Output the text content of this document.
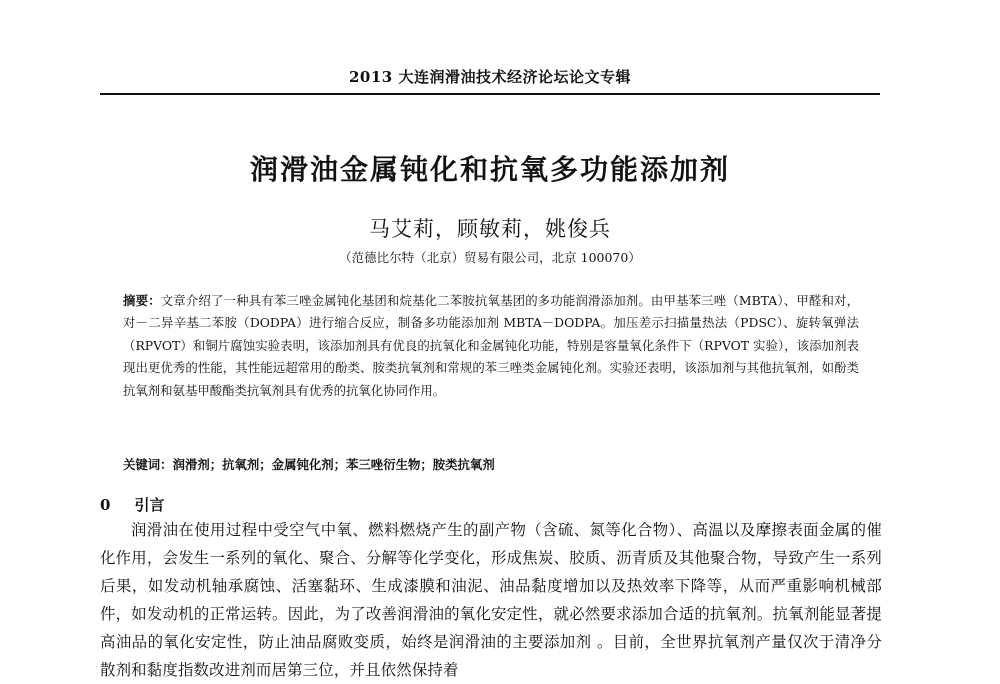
2013 大连润滑油技术经济论坛论文专辑
润滑油金属钝化和抗氧多功能添加剂
马艾莉，顾敏莉，姚俊兵
（范德比尔特（北京）贸易有限公司，北京 100070）

摘要：文章介绍了一种具有苯三唑金属钝化基团和烷基化二苯胺抗氧基团的多功能润滑添加剂。由甲基苯三唑（MBTA）、甲醛和对，对－二异辛基二苯胺（DODPA）进行缩合反应，制备多功能添加剂 MBTA－DODPA。加压差示扫描量热法（PDSC）、旋转氧弹法（RPVOT）和铜片腐蚀实验表明，该添加剂具有优良的抗氧化和金属钝化功能，特别是容量氧化条件下（RPVOT 实验），该添加剂表现出更优秀的性能，其性能远超常用的酚类、胺类抗氧剂和常规的苯三唑类金属钝化剂。实验还表明，该添加剂与其他抗氧剂，如酚类抗氧剂和氨基甲酸酯类抗氧剂具有优秀的抗氧化协同作用。

关键词：润滑剂；抗氧剂；金属钝化剂；苯三唑衍生物；胺类抗氧剂

0 引言

润滑油在使用过程中受空气中氧、燃料燃烧产生的副产物（含硫、氮等化合物）、高温以及摩擦表面金属的催化作用，会发生一系列的氧化、聚合、分解等化学变化，形成焦炭、胶质、沥青质及其他聚合物，导致产生一系列后果，如发动机轴承腐蚀、活塞黏环、生成漆膜和油泥、油品黏度增加以及热效率下降等，从而严重影响机械部件，如发动机的正常运转。因此，为了改善润滑油的氧化安定性，就必然要求添加合适的抗氧剂。抗氧剂能显著提高油品的氧化安定性，防止油品腐败变质，始终是润滑油的主要添加剂 。目前，全世界抗氧剂产量仅次于清净分散剂和黏度指数改进剂而居第三位，并且依然保持着
